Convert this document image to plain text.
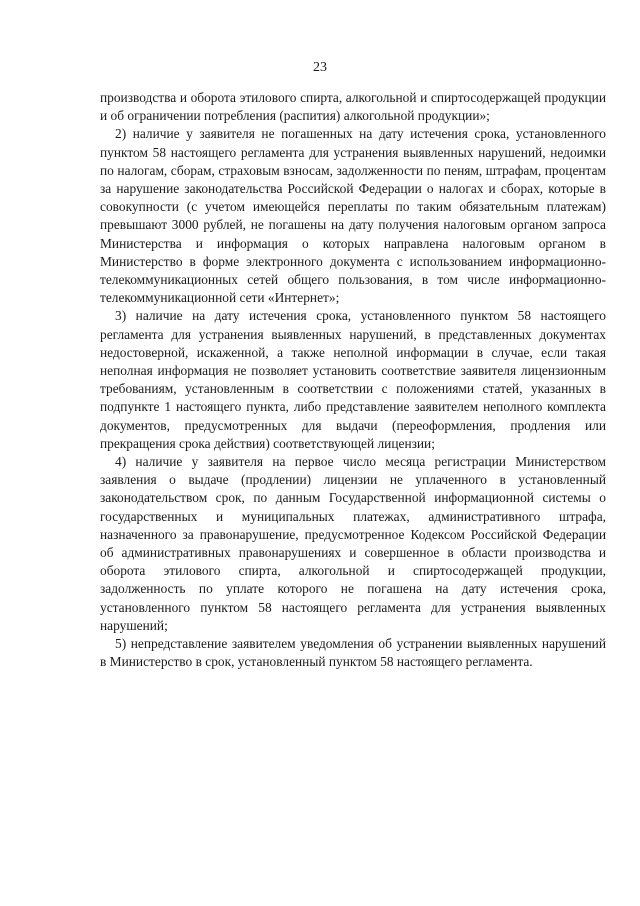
23

производства и оборота этилового спирта, алкогольной и спиртосодержащей продукции и об ограничении потребления (распития) алкогольной продукции»;

2) наличие у заявителя не погашенных на дату истечения срока, установленного пунктом 58 настоящего регламента для устранения выявленных нарушений, недоимки по налогам, сборам, страховым взносам, задолженности по пеням, штрафам, процентам за нарушение законодательства Российской Федерации о налогах и сборах, которые в совокупности (с учетом имеющейся переплаты по таким обязательным платежам) превышают 3000 рублей, не погашены на дату получения налоговым органом запроса Министерства и информация о которых направлена налоговым органом в Министерство в форме электронного документа с использованием информационно-телекоммуникационных сетей общего пользования, в том числе информационно-телекоммуникационной сети «Интернет»;

3) наличие на дату истечения срока, установленного пунктом 58 настоящего регламента для устранения выявленных нарушений, в представленных документах недостоверной, искаженной, а также неполной информации в случае, если такая неполная информация не позволяет установить соответствие заявителя лицензионным требованиям, установленным в соответствии с положениями статей, указанных в подпункте 1 настоящего пункта, либо представление заявителем неполного комплекта документов, предусмотренных для выдачи (переоформления, продления или прекращения срока действия) соответствующей лицензии;

4) наличие у заявителя на первое число месяца регистрации Министерством заявления о выдаче (продлении) лицензии не уплаченного в установленный законодательством срок, по данным Государственной информационной системы о государственных и муниципальных платежах, административного штрафа, назначенного за правонарушение, предусмотренное Кодексом Российской Федерации об административных правонарушениях и совершенное в области производства и оборота этилового спирта, алкогольной и спиртосодержащей продукции, задолженность по уплате которого не погашена на дату истечения срока, установленного пунктом 58 настоящего регламента для устранения выявленных нарушений;

5) непредставление заявителем уведомления об устранении выявленных нарушений в Министерство в срок, установленный пунктом 58 настоящего регламента.
